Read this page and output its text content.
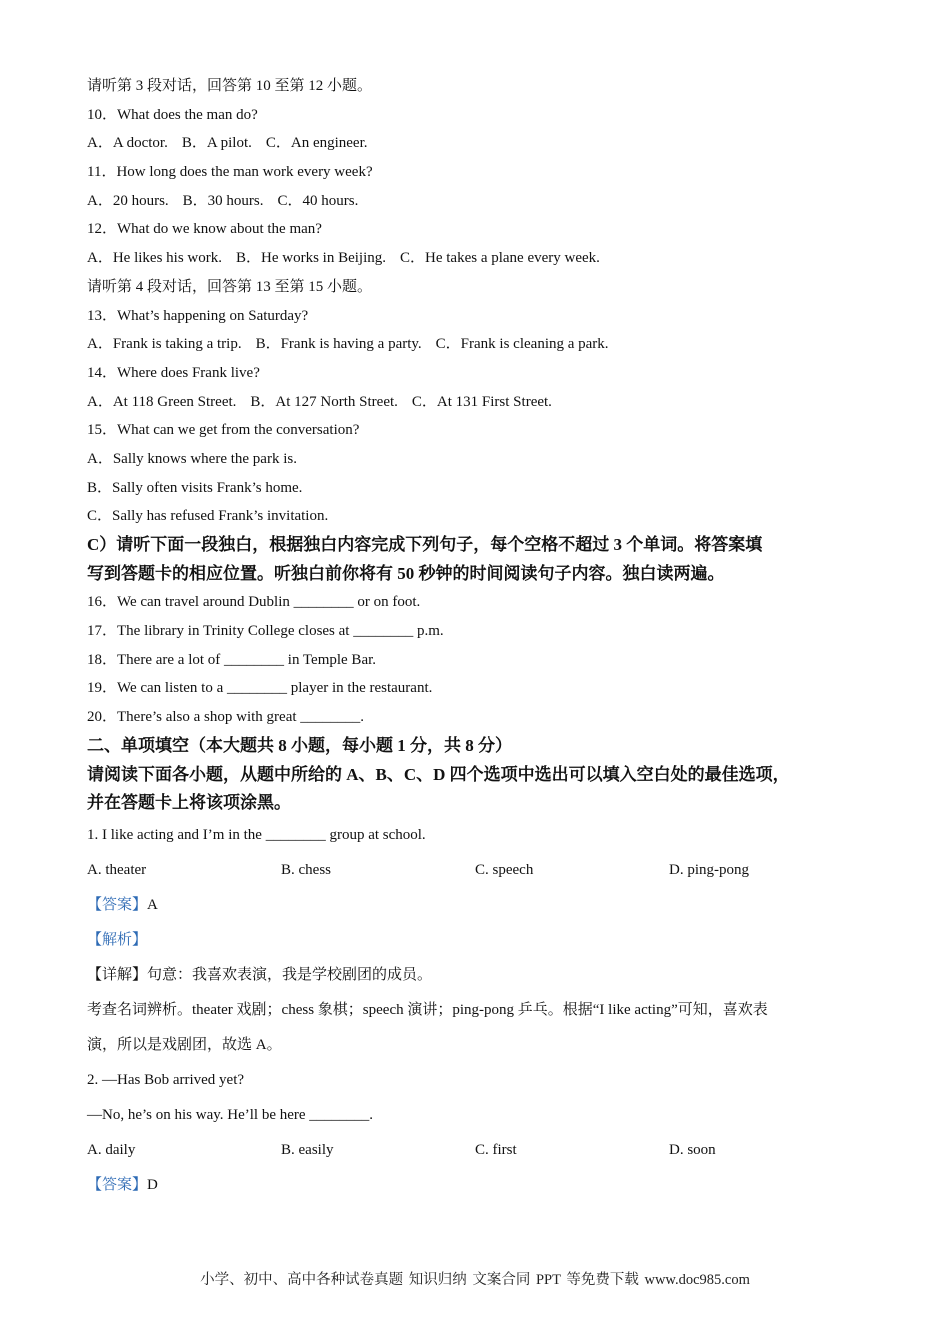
请听第 3 段对话，回答第 10 至第 12 小题。
10．What does the man do?
A．A doctor. B．A pilot. C．An engineer.
11．How long does the man work every week?
A．20 hours. B．30 hours. C．40 hours.
12．What do we know about the man?
A．He likes his work. B．He works in Beijing. C．He takes a plane every week.
请听第 4 段对话，回答第 13 至第 15 小题。
13．What’s happening on Saturday?
A．Frank is taking a trip. B．Frank is having a party. C．Frank is cleaning a park.
14．Where does Frank live?
A．At 118 Green Street. B．At 127 North Street. C．At 131 First Street.
15．What can we get from the conversation?
A．Sally knows where the park is.
B．Sally often visits Frank’s home.
C．Sally has refused Frank’s invitation.
C）请听下面一段独白，根据独白内容完成下列句子，每个空格不超过 3 个单词。将答案填
写到答题卡的相应位置。听独白前你将有 50 秒钟的时间阅读句子内容。独白读两遍。
16．We can travel around Dublin ________ or on foot.
17．The library in Trinity College closes at ________ p.m.
18．There are a lot of ________ in Temple Bar.
19．We can listen to a ________ player in the restaurant.
20．There’s also a shop with great ________.
二、单项填空（本大题共 8 小题，每小题 1 分，共 8 分）
请阅读下面各小题，从题中所给的 A、B、C、D 四个选项中选出可以填入空白处的最佳选项，
并在答题卡上将该项涂黑。
1. I like acting and I’m in the ________ group at school.
A. theater	B. chess	C. speech	D. ping-pong
【答案】A
【解析】
【详解】句意：我喜欢表演，我是学校剧团的成员。
考查名词辨析。theater 戏剧；chess 象棋；speech 演讲；ping-pong 乒乓。根据“I like acting”可知，喜欢表
演，所以是戏剧团，故选 A。
2. —Has Bob arrived yet?
—No, he’s on his way. He’ll be here ________.
A. daily	B. easily	C. first	D. soon
【答案】D
小学、初中、高中各种试卷真题 知识归纳 文案合同 PPT 等免费下载 www.doc985.com
